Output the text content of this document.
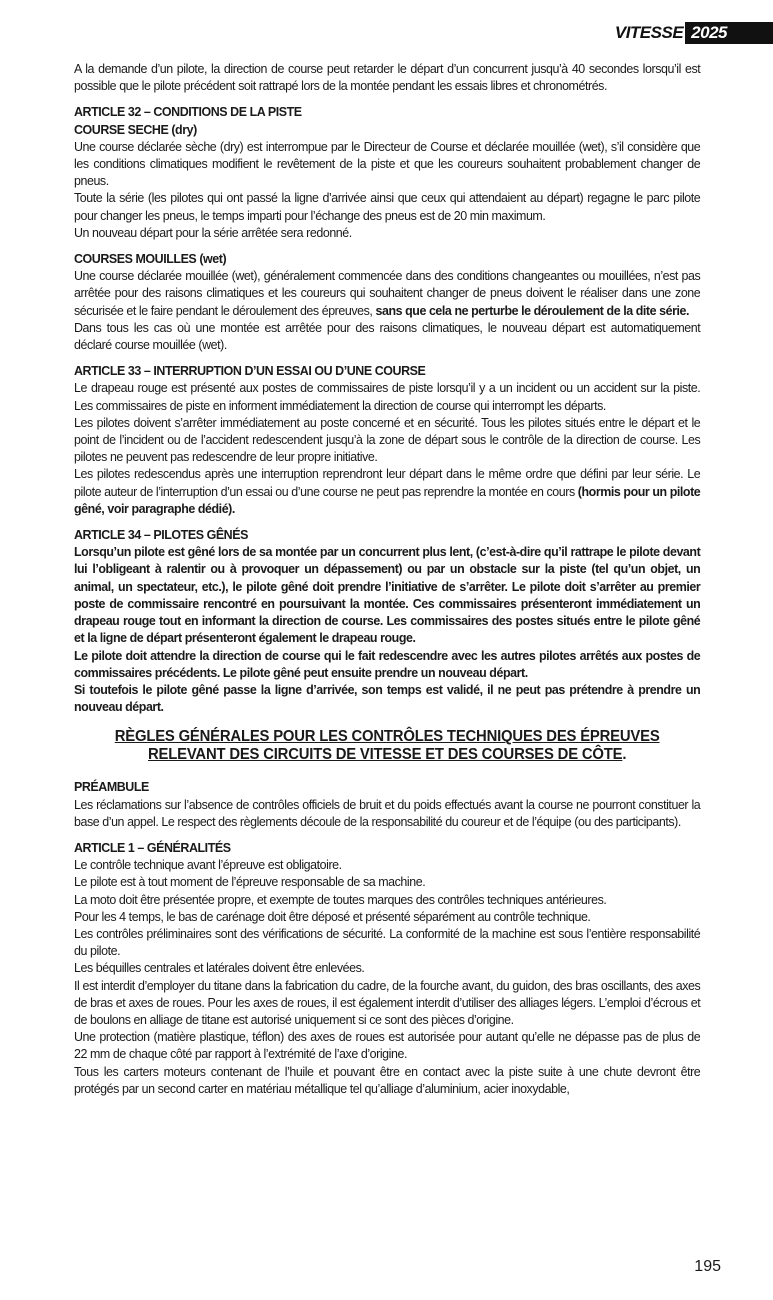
VITESSE 2025

A la demande d’un pilote, la direction de course peut retarder le départ d’un concurrent jusqu’à 40 secondes lorsqu’il est possible que le pilote précédent soit rattrapé lors de la montée pendant les essais libres et chronométrés.

ARTICLE 32 – CONDITIONS DE LA PISTE

COURSE SECHE (dry)

Une course déclarée sèche (dry) est interrompue par le Directeur de Course et déclarée mouillée (wet), s’il considère que les conditions climatiques modifient le revêtement de la piste et que les coureurs souhaitent probablement changer de pneus.

Toute la série (les pilotes qui ont passé la ligne d’arrivée ainsi que ceux qui attendaient au départ) regagne le parc pilote pour changer les pneus, le temps imparti pour l’échange des pneus est de 20 min maximum.

Un nouveau départ pour la série arrêtée sera redonné.

COURSES MOUILLES (wet)

Une course déclarée mouillée (wet), généralement commencée dans des conditions changeantes ou mouillées, n’est pas arrêtée pour des raisons climatiques et les coureurs qui souhaitent changer de pneus doivent le réaliser dans une zone sécurisée et le faire pendant le déroulement des épreuves, sans que cela ne perturbe le déroulement de la dite série.

Dans tous les cas où une montée est arrêtée pour des raisons climatiques, le nouveau départ est automatiquement déclaré course mouillée (wet).

ARTICLE 33 – INTERRUPTION D’UN ESSAI OU D’UNE COURSE

Le drapeau rouge est présenté aux postes de commissaires de piste lorsqu’il y a un incident ou un accident sur la piste. Les commissaires de piste en informent immédiatement la direction de course qui interrompt les départs.

Les pilotes doivent s’arrêter immédiatement au poste concerné et en sécurité. Tous les pilotes situés entre le départ et le point de l’incident ou de l’accident redescendent jusqu’à la zone de départ sous le contrôle de la direction de course. Les pilotes ne peuvent pas redescendre de leur propre initiative.

Les pilotes redescendus après une interruption reprendront leur départ dans le même ordre que défini par leur série. Le pilote auteur de l’interruption d’un essai ou d’une course ne peut pas reprendre la montée en cours (hormis pour un pilote gêné, voir paragraphe dédié).

ARTICLE 34 – PILOTES GÊNÉS

Lorsqu’un pilote est gêné lors de sa montée par un concurrent plus lent, (c’est-à-dire qu’il rattrape le pilote devant lui l’obligeant à ralentir ou à provoquer un dépassement) ou par un obstacle sur la piste (tel qu’un objet, un animal, un spectateur, etc.), le pilote gêné doit prendre l’initiative de s’arrêter. Le pilote doit s’arrêter au premier poste de commissaire rencontré en poursuivant la montée. Ces commissaires présenteront immédiatement un drapeau rouge tout en informant la direction de course. Les commissaires des postes situés entre le pilote gêné et la ligne de départ présenteront également le drapeau rouge.

Le pilote doit attendre la direction de course qui le fait redescendre avec les autres pilotes arrêtés aux postes de commissaires précédents. Le pilote gêné peut ensuite prendre un nouveau départ.

Si toutefois le pilote gêné passe la ligne d’arrivée, son temps est validé, il ne peut pas prétendre à prendre un nouveau départ.

RÈGLES GÉNÉRALES POUR LES CONTRÔLES TECHNIQUES DES ÉPREUVES
RELEVANT DES CIRCUITS DE VITESSE ET DES COURSES DE CÔTE.

PRÉAMBULE

Les réclamations sur l’absence de contrôles officiels de bruit et du poids effectués avant la course ne pourront constituer la base d’un appel. Le respect des règlements découle de la responsabilité du coureur et de l’équipe (ou des participants).

ARTICLE 1 – GÉNÉRALITÉS

Le contrôle technique avant l’épreuve est obligatoire.

Le pilote est à tout moment de l’épreuve responsable de sa machine.

La moto doit être présentée propre, et exempte de toutes marques des contrôles techniques antérieures.

Pour les 4 temps, le bas de carénage doit être déposé et présenté séparément au contrôle technique.

Les contrôles préliminaires sont des vérifications de sécurité. La conformité de la machine est sous l’entière responsabilité du pilote.

Les béquilles centrales et latérales doivent être enlevées.

Il est interdit d’employer du titane dans la fabrication du cadre, de la fourche avant, du guidon, des bras oscillants, des axes de bras et axes de roues. Pour les axes de roues, il est également interdit d’utiliser des alliages légers. L’emploi d’écrous et de boulons en alliage de titane est autorisé uniquement si ce sont des pièces d’origine.

Une protection (matière plastique, téflon) des axes de roues est autorisée pour autant qu’elle ne dépasse pas de plus de 22 mm de chaque côté par rapport à l’extrémité de l’axe d’origine.

Tous les carters moteurs contenant de l’huile et pouvant être en contact avec la piste suite à une chute devront être protégés par un second carter en matériau métallique tel qu’alliage d’aluminium, acier inoxydable,

195
